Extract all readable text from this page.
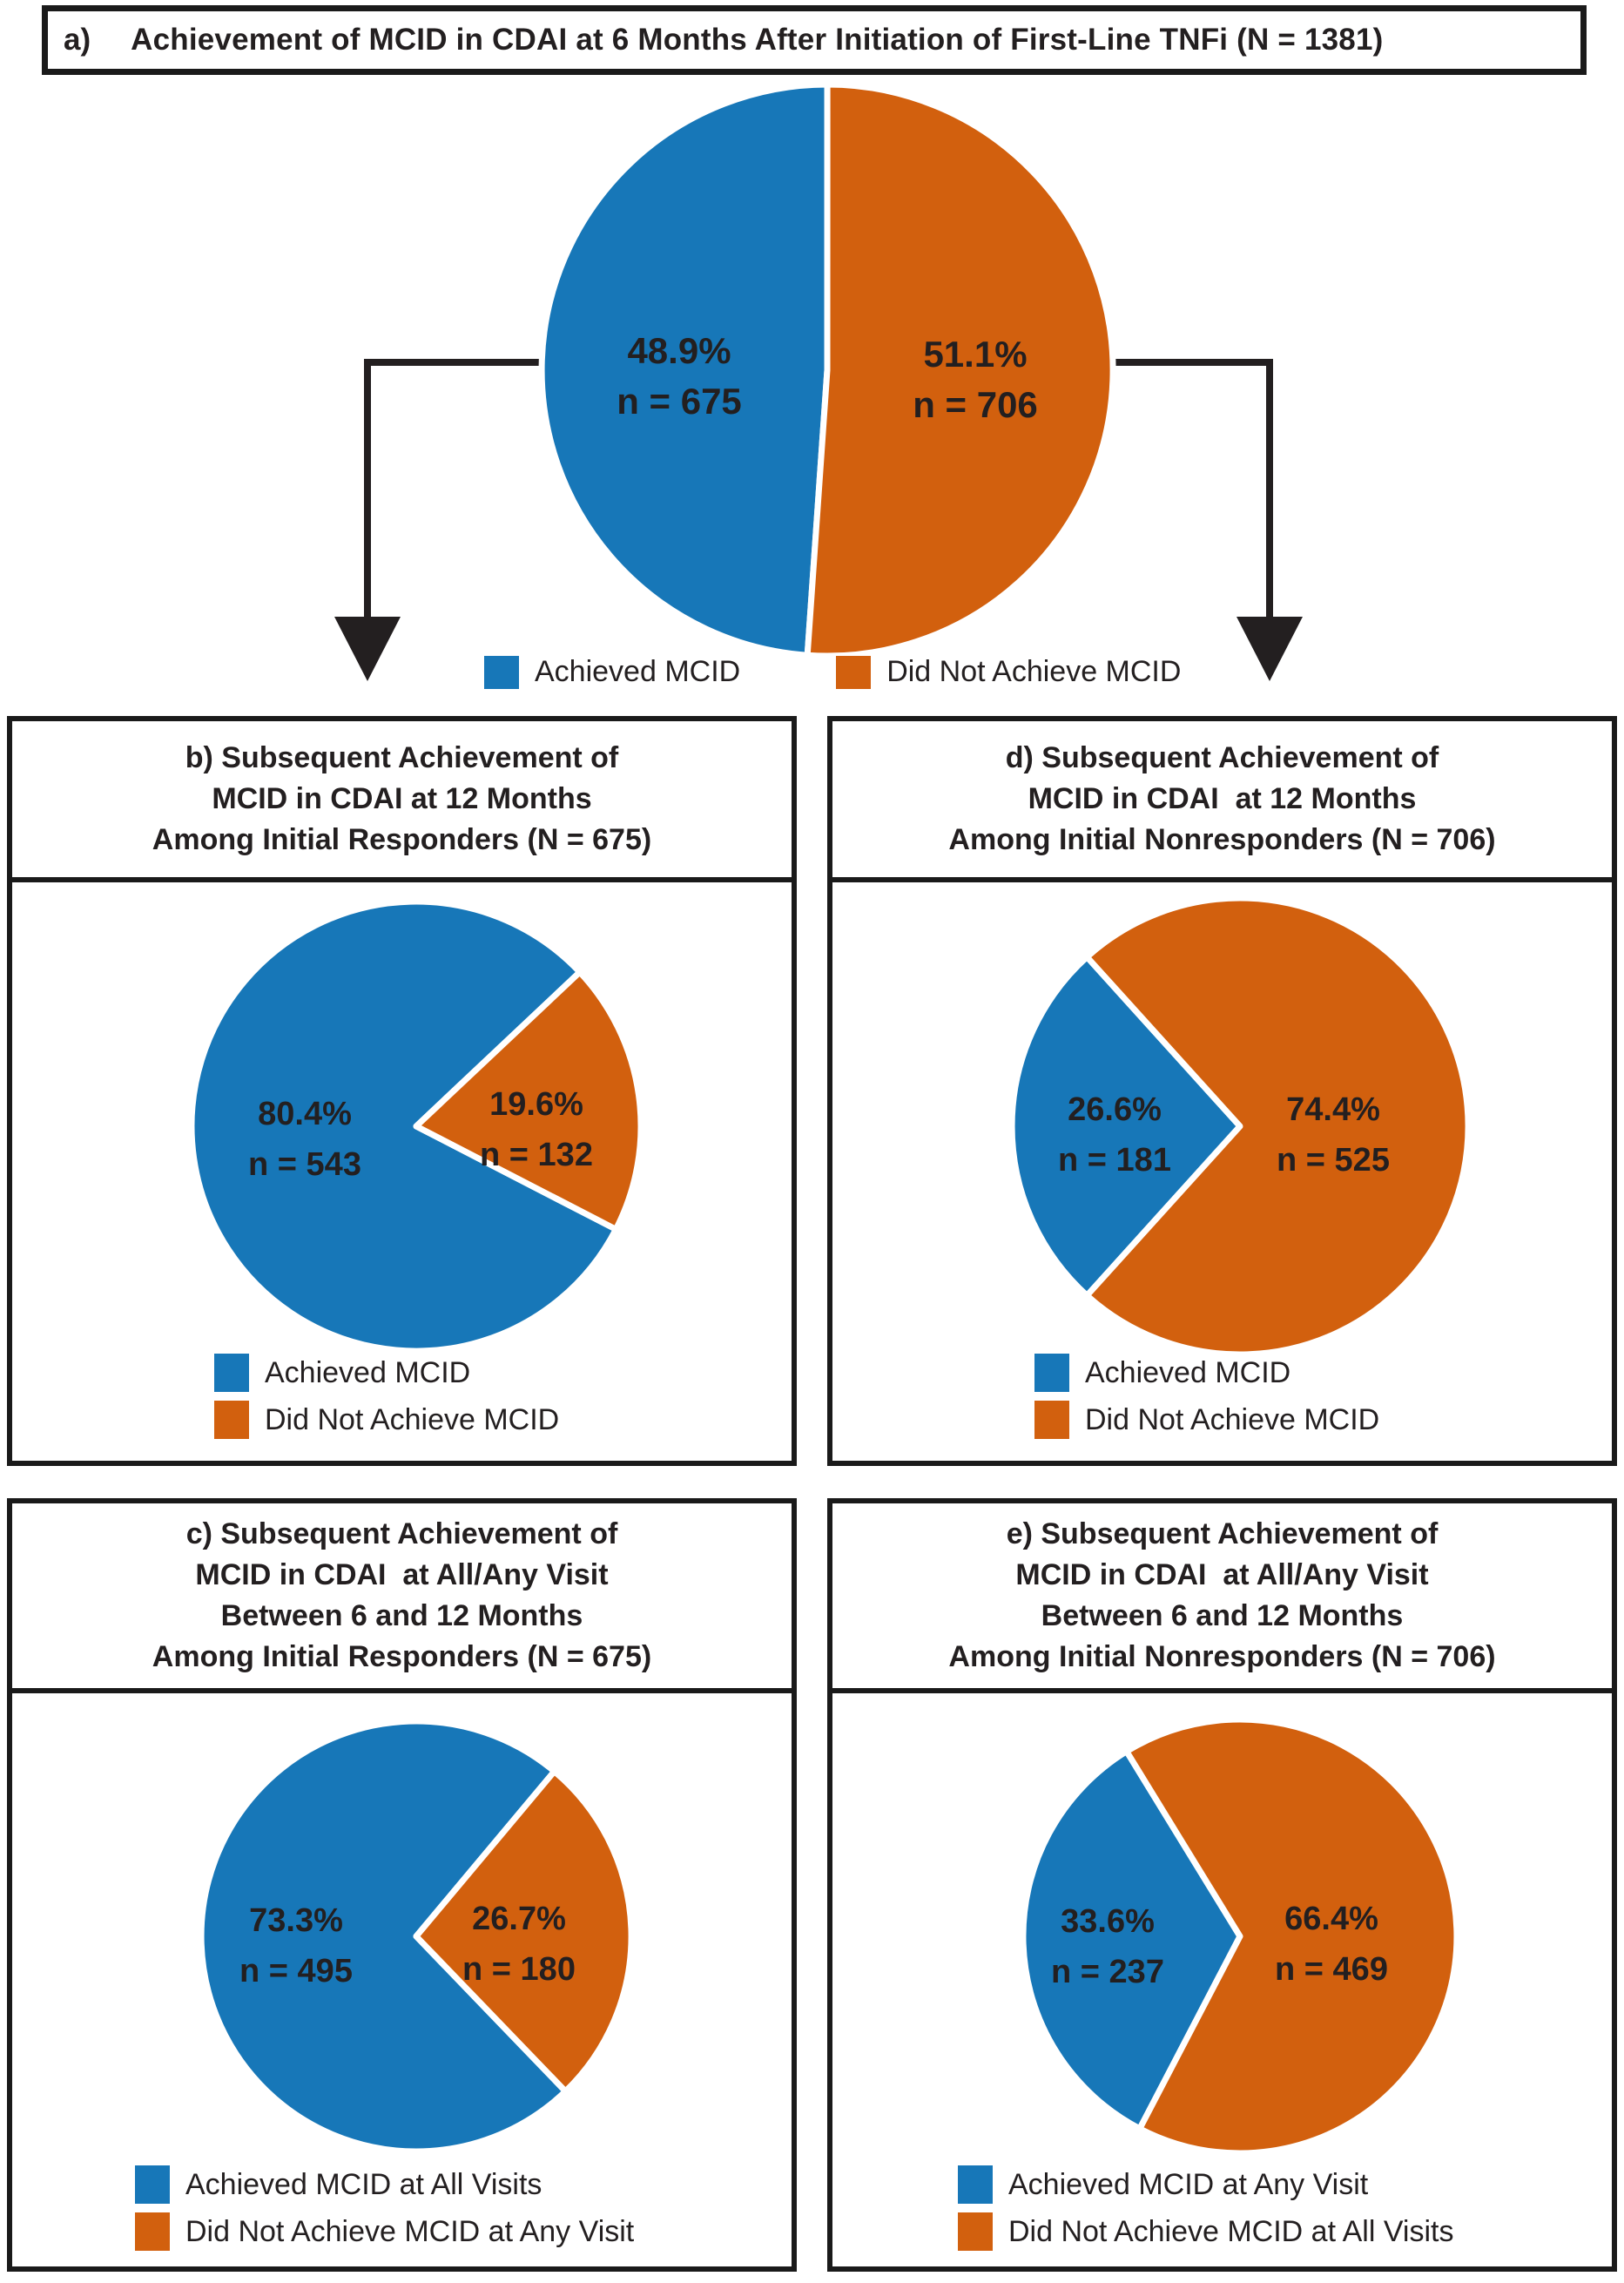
48.9%
n = 675
51.1%
n = 706
80.4%
n = 543
19.6%
n = 132
73.3%
n = 495
26.7%
n = 180
26.6%
n = 181
74.4%
n = 525
33.6%
n = 237
66.4%
n = 469
a) Achievement of MCID in CDAI at 6 Months After Initiation of First-Line TNFi (N = 1381)
b) Subsequent Achievement of
MCID in CDAI at 12 Months
Among Initial Responders (N = 675)
d) Subsequent Achievement of
MCID in CDAI  at 12 Months
Among Initial Nonresponders (N = 706)
c) Subsequent Achievement of
MCID in CDAI  at All/Any Visit
Between 6 and 12 Months
Among Initial Responders (N = 675)
e) Subsequent Achievement of
MCID in CDAI  at All/Any Visit
Between 6 and 12 Months
Among Initial Nonresponders (N = 706)
Achieved MCID	Did Not Achieve MCID
Achieved MCID
Did Not Achieve MCID
Achieved MCID
Did Not Achieve MCID
Achieved MCID at All Visits
Did Not Achieve MCID at Any Visit
Achieved MCID at Any Visit
Did Not Achieve MCID at All Visits
